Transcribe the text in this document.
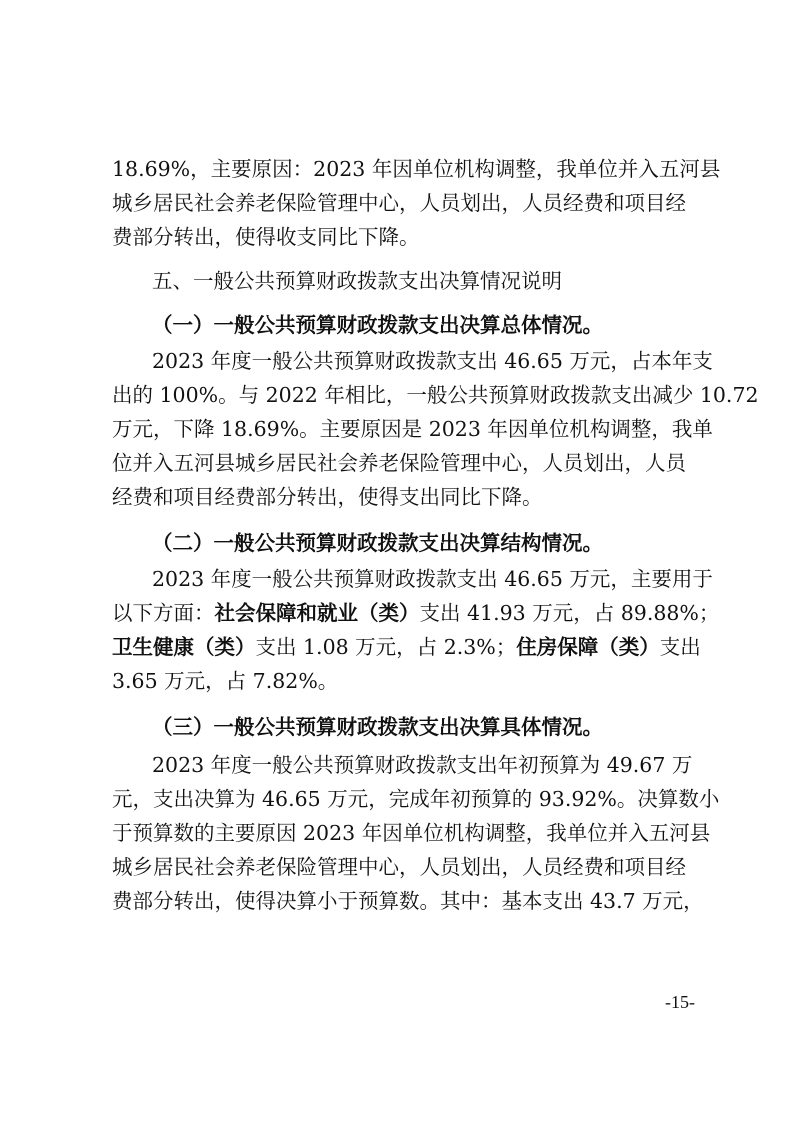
18.69%，主要原因：2023 年因单位机构调整，我单位并入五河县
城乡居民社会养老保险管理中心，人员划出，人员经费和项目经
费部分转出，使得收支同比下降。
五、一般公共预算财政拨款支出决算情况说明
（一）一般公共预算财政拨款支出决算总体情况。
2023 年度一般公共预算财政拨款支出 46.65 万元，占本年支
出的 100%。与 2022 年相比，一般公共预算财政拨款支出减少 10.72
万元，下降 18.69%。主要原因是 2023 年因单位机构调整，我单
位并入五河县城乡居民社会养老保险管理中心，人员划出，人员
经费和项目经费部分转出，使得支出同比下降。
（二）一般公共预算财政拨款支出决算结构情况。
2023 年度一般公共预算财政拨款支出 46.65 万元，主要用于
以下方面：社会保障和就业（类）支出 41.93 万元，占 89.88%；
卫生健康（类）支出 1.08 万元，占 2.3%；住房保障（类）支出
3.65 万元，占 7.82%。
（三）一般公共预算财政拨款支出决算具体情况。
2023 年度一般公共预算财政拨款支出年初预算为 49.67 万
元，支出决算为 46.65 万元，完成年初预算的 93.92%。决算数小
于预算数的主要原因 2023 年因单位机构调整，我单位并入五河县
城乡居民社会养老保险管理中心，人员划出，人员经费和项目经
费部分转出，使得决算小于预算数。其中：基本支出 43.7 万元，
-15-
